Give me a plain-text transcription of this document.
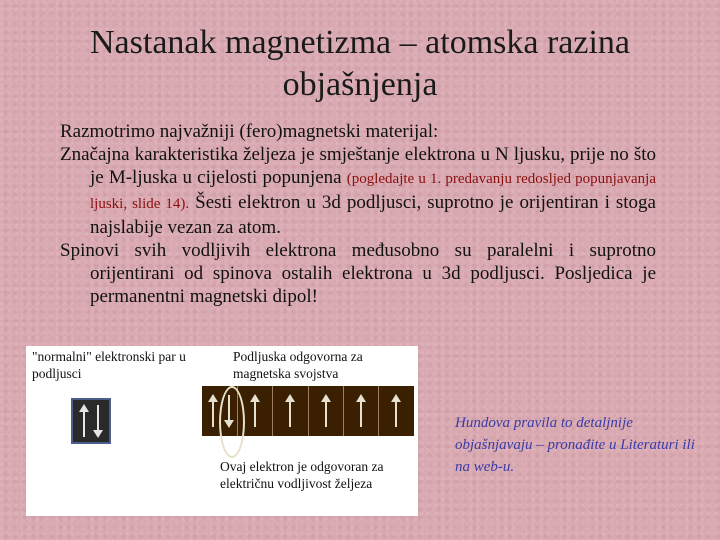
Nastanak magnetizma – atomska razina objašnjenja

Razmotrimo najvažniji (fero)magnetski materijal:

Značajna karakteristika željeza je smještanje elektrona u N ljusku, prije no što je M-ljuska u cijelosti popunjena (pogledajte u 1. predavanju redosljed popunjavanja ljuski, slide 14). Šesti elektron u 3d podljusci, suprotno je orijentiran i stoga najslabije vezan za atom.

Spinovi svih vodljivih elektrona međusobno su paralelni i suprotno orijentirani od spinova ostalih elektrona u 3d podljusci. Posljedica je permanentni magnetski dipol!

"normalni" elektronski par u podljusci
Podljuska odgovorna za magnetska svojstva
Ovaj elektron je odgovoran za električnu vodljivost željeza
Hundova pravila to detaljnije objašnjavaju – pronađite u Literaturi ili na web-u.
